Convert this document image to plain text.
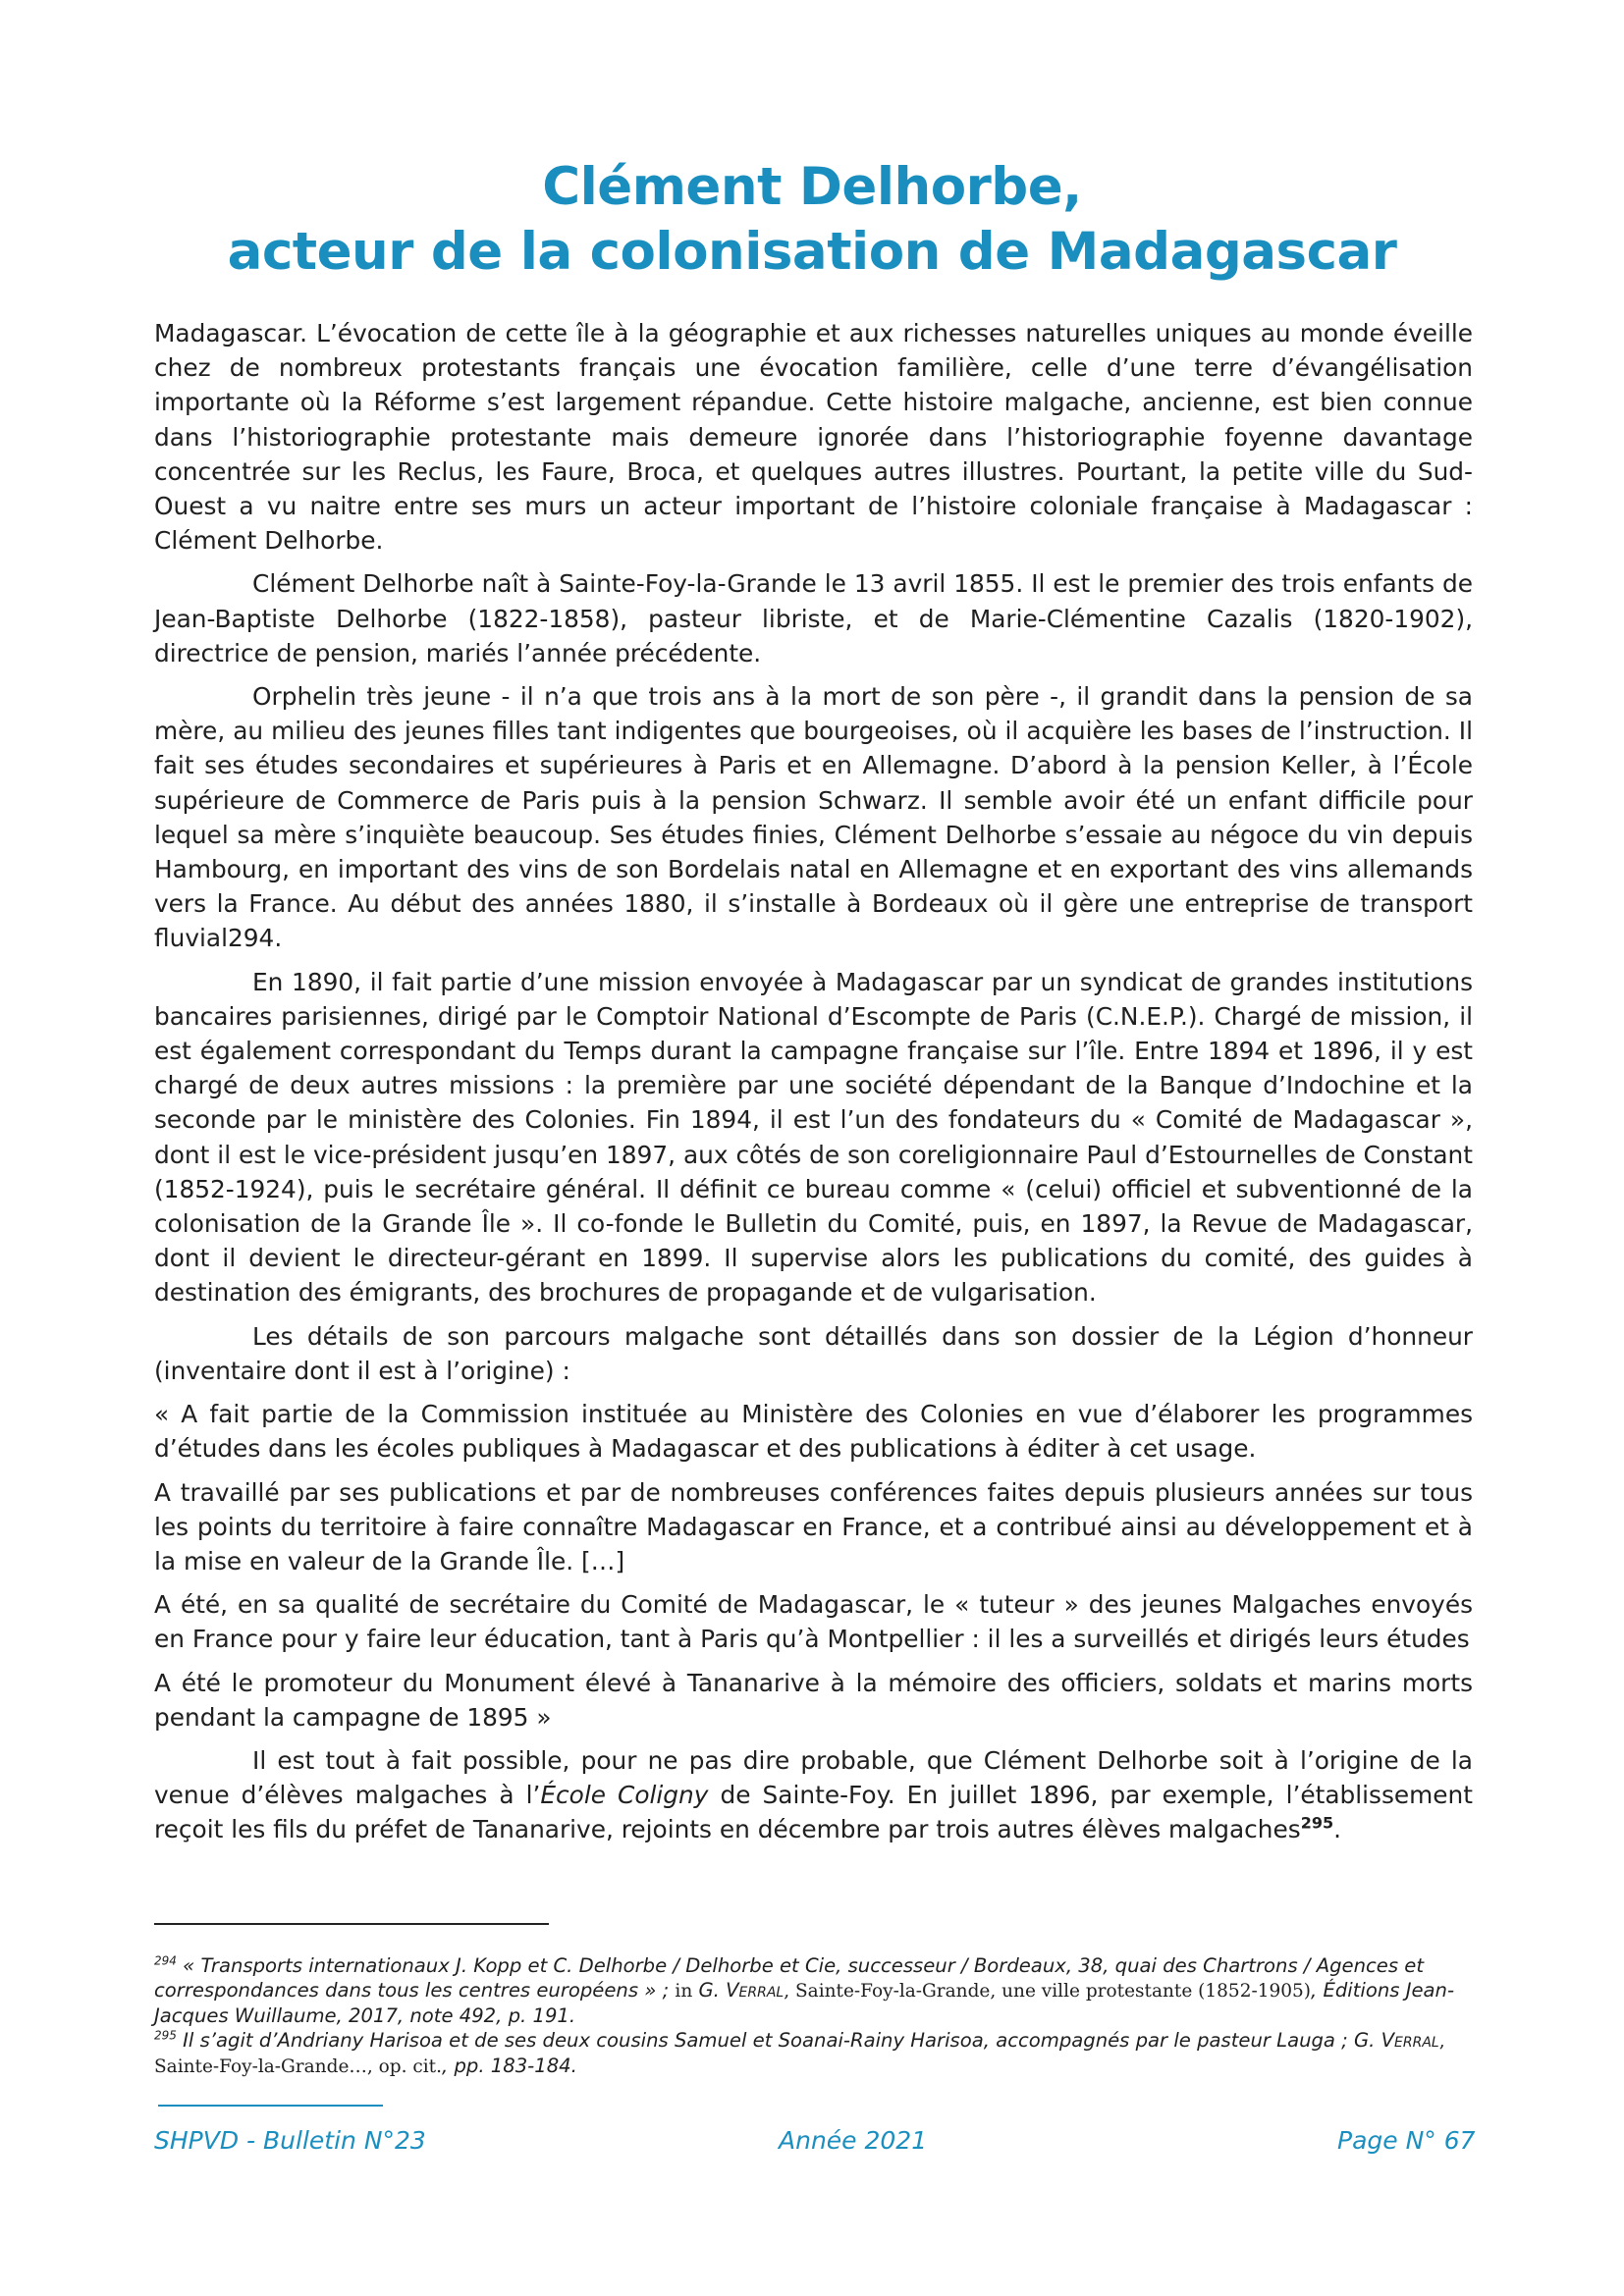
Clément Delhorbe,
acteur de la colonisation de Madagascar

Madagascar. L’évocation de cette île à la géographie et aux richesses naturelles uniques au monde éveille chez de nombreux protestants français une évocation familière, celle d’une terre d’évangélisation importante où la Réforme s’est largement répandue. Cette histoire malgache, ancienne, est bien connue dans l’historiographie protestante mais demeure ignorée dans l’historiographie foyenne davantage concentrée sur les Reclus, les Faure, Broca, et quelques autres illustres. Pourtant, la petite ville du Sud-Ouest a vu naitre entre ses murs un acteur important de l’histoire coloniale française à Madagascar : Clément Delhorbe.

Clément Delhorbe naît à Sainte-Foy-la-Grande le 13 avril 1855. Il est le premier des trois enfants de Jean-Baptiste Delhorbe (1822-1858), pasteur libriste, et de Marie-Clémentine Cazalis (1820-1902), directrice de pension, mariés l’année précédente.

Orphelin très jeune - il n’a que trois ans à la mort de son père -, il grandit dans la pension de sa mère, au milieu des jeunes filles tant indigentes que bourgeoises, où il acquière les bases de l’instruction. Il fait ses études secondaires et supérieures à Paris et en Allemagne. D’abord à la pension Keller, à l’École supérieure de Commerce de Paris puis à la pension Schwarz. Il semble avoir été un enfant difficile pour lequel sa mère s’inquiète beaucoup. Ses études finies, Clément Delhorbe s’essaie au négoce du vin depuis Hambourg, en important des vins de son Bordelais natal en Allemagne et en exportant des vins allemands vers la France. Au début des années 1880, il s’installe à Bordeaux où il gère une entreprise de transport fluvial294.

En 1890, il fait partie d’une mission envoyée à Madagascar par un syndicat de grandes institutions bancaires parisiennes, dirigé par le Comptoir National d’Escompte de Paris (C.N.E.P.). Chargé de mission, il est également correspondant du Temps durant la campagne française sur l’île. Entre 1894 et 1896, il y est chargé de deux autres missions : la première par une société dépendant de la Banque d’Indochine et la seconde par le ministère des Colonies. Fin 1894, il est l’un des fondateurs du « Comité de Madagascar », dont il est le vice-président jusqu’en 1897, aux côtés de son coreligionnaire Paul d’Estournelles de Constant (1852-1924), puis le secrétaire général. Il définit ce bureau comme « (celui) officiel et subventionné de la colonisation de la Grande Île ». Il co-fonde le Bulletin du Comité, puis, en 1897, la Revue de Madagascar, dont il devient le directeur-gérant en 1899. Il supervise alors les publications du comité, des guides à destination des émigrants, des brochures de propagande et de vulgarisation.

Les détails de son parcours malgache sont détaillés dans son dossier de la Légion d’honneur (inventaire dont il est à l’origine) :

« A fait partie de la Commission instituée au Ministère des Colonies en vue d’élaborer les programmes d’études dans les écoles publiques à Madagascar et des publications à éditer à cet usage.

A travaillé par ses publications et par de nombreuses conférences faites depuis plusieurs années sur tous les points du territoire à faire connaître Madagascar en France, et a contribué ainsi au développement et à la mise en valeur de la Grande Île. […]

A été, en sa qualité de secrétaire du Comité de Madagascar, le « tuteur » des jeunes Malgaches envoyés en France pour y faire leur éducation, tant à Paris qu’à Montpellier : il les a surveillés et dirigés leurs études

A été le promoteur du Monument élevé à Tananarive à la mémoire des officiers, soldats et marins morts pendant la campagne de 1895 »

Il est tout à fait possible, pour ne pas dire probable, que Clément Delhorbe soit à l’origine de la venue d’élèves malgaches à l’École Coligny de Sainte-Foy. En juillet 1896, par exemple, l’établissement reçoit les fils du préfet de Tananarive, rejoints en décembre par trois autres élèves malgaches$^{295}$.

$^{294}$ « Transports internationaux J. Kopp et C. Delhorbe / Delhorbe et Cie, successeur / Bordeaux, 38, quai des Chartrons / Agences et correspondances dans tous les centres européens » ; in G. Verral, Sainte-Foy-la-Grande, une ville protestante (1852-1905), Éditions Jean-Jacques Wuillaume, 2017, note 492, p. 191.

$^{295}$ Il s’agit d’Andriany Harisoa et de ses deux cousins Samuel et Soanai-Rainy Harisoa, accompagnés par le pasteur Lauga ; G. Verral, Sainte-Foy-la-Grande…, op. cit., pp. 183-184.

SHPVD - Bulletin N°23	Année 2021	Page N° 67
